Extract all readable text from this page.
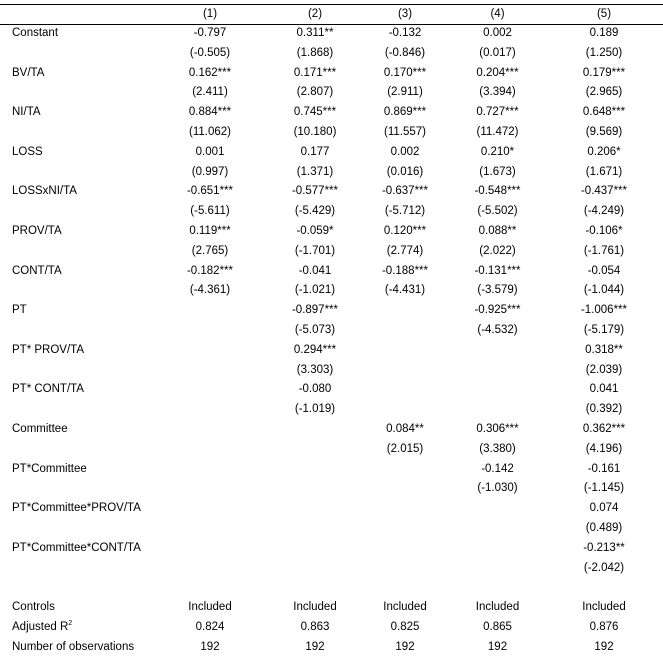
	(1)	(2)	(3)	(4)	(5)
Constant	-0.797	0.311**	-0.132	0.002	0.189
	(-0.505)	(1.868)	(-0.846)	(0.017)	(1.250)
BV/TA	0.162***	0.171***	0.170***	0.204***	0.179***
	(2.411)	(2.807)	(2.911)	(3.394)	(2.965)
NI/TA	0.884***	0.745***	0.869***	0.727***	0.648***
	(11.062)	(10.180)	(11.557)	(11.472)	(9.569)
LOSS	0.001	0.177	0.002	0.210*	0.206*
	(0.997)	(1.371)	(0.016)	(1.673)	(1.671)
LOSSxNI/TA	-0.651***	-0.577***	-0.637***	-0.548***	-0.437***
	(-5.611)	(-5.429)	(-5.712)	(-5.502)	(-4.249)
PROV/TA	0.119***	-0.059*	0.120***	0.088**	-0.106*
	(2.765)	(-1.701)	(2.774)	(2.022)	(-1.761)
CONT/TA	-0.182***	-0.041	-0.188***	-0.131***	-0.054
	(-4.361)	(-1.021)	(-4.431)	(-3.579)	(-1.044)
PT		-0.897***		-0.925***	-1.006***
		(-5.073)		(-4.532)	(-5.179)
PT* PROV/TA		0.294***			0.318**
		(3.303)			(2.039)
PT* CONT/TA		-0.080			0.041
		(-1.019)			(0.392)
Committee			0.084**	0.306***	0.362***
			(2.015)	(3.380)	(4.196)
PT*Committee				-0.142	-0.161
				(-1.030)	(-1.145)
PT*Committee*PROV/TA					0.074
					(0.489)
PT*Committee*CONT/TA					-0.213**
					(-2.042)

Controls	Included	Included	Included	Included	Included
Adjusted $R^2$	0.824	0.863	0.825	0.865	0.876
Number of observations	192	192	192	192	192
